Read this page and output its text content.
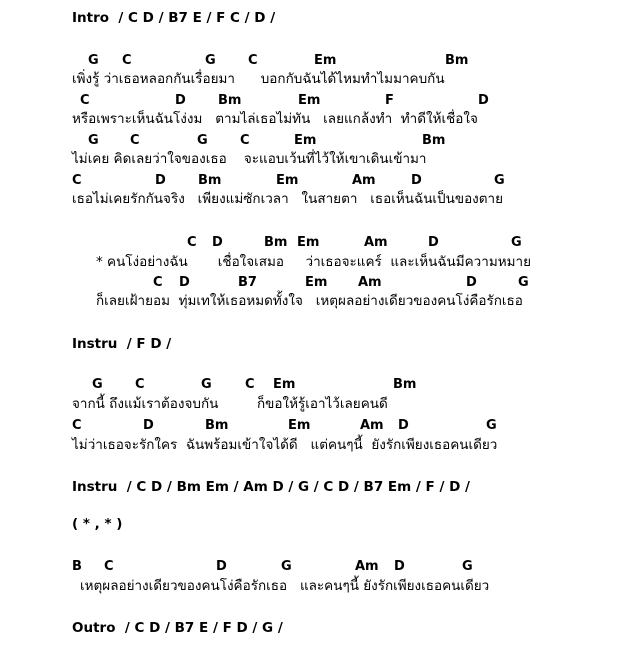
Intro  / C D / B7 E / F C / D /

G

C

	G

C

	Em

	Bm

เพิ่งรู้ ว่าเธอหลอกกันเรื่อยมา      บอกกับฉันได้ไหมทำไมมาคบกัน

C

	D

Bm

	Em

	F

	D

หรือเพราะเห็นฉันโง่งม   ตามไล่เธอไม่ทัน   เลยแกล้งทำ  ทำดีให้เชื่อใจ

G

C

	G

C

	Em

	Bm

ไม่เคย คิดเลยว่าใจของเธอ    จะแอบเว้นที่ไว้ให้เขาเดินเข้ามา

C

	D

Bm

	Em

	Am

	D

	G

เธอไม่เคยรักกันจริง   เพียงแม่ซักเวลา   ในสายตา   เธอเห็นฉันเป็นของตาย

C

D

	Bm

Em

	Am

	D

	G

* คนโง่อย่างฉัน       เชื่อใจเสมอ     ว่าเธอจะแคร์  และเห็นฉันมีความหมาย

C

D

	B7

	Em

Am

	D

	G

ก็เลยเฝ้ายอม  ทุ่มเทให้เธอหมดทั้งใจ   เหตุผลอย่างเดียวของคนโง่คือรักเธอ
Instru  / F D /

G

C

	G

	C

Em

	Bm

จากนี้ ถึงแม้เราต้องจบกัน         ก็ขอให้รู้เอาไว้เลยคนดี

C

	D

	Bm

	Em

	Am

D

	G

ไม่ว่าเธอจะรักใคร  ฉันพร้อมเข้าใจได้ดี   แต่คนๆนี้  ยังรักเพียงเธอคนเดียว
Instru  / C D / Bm Em / Am D / G / C D / B7 Em / F / D /
( * , * )

B

C

	D

	G

	Am

D

	G

เหตุผลอย่างเดียวของคนโง่คือรักเธอ   และคนๆนี้ ยังรักเพียงเธอคนเดียว
Outro  / C D / B7 E / F D / G /
